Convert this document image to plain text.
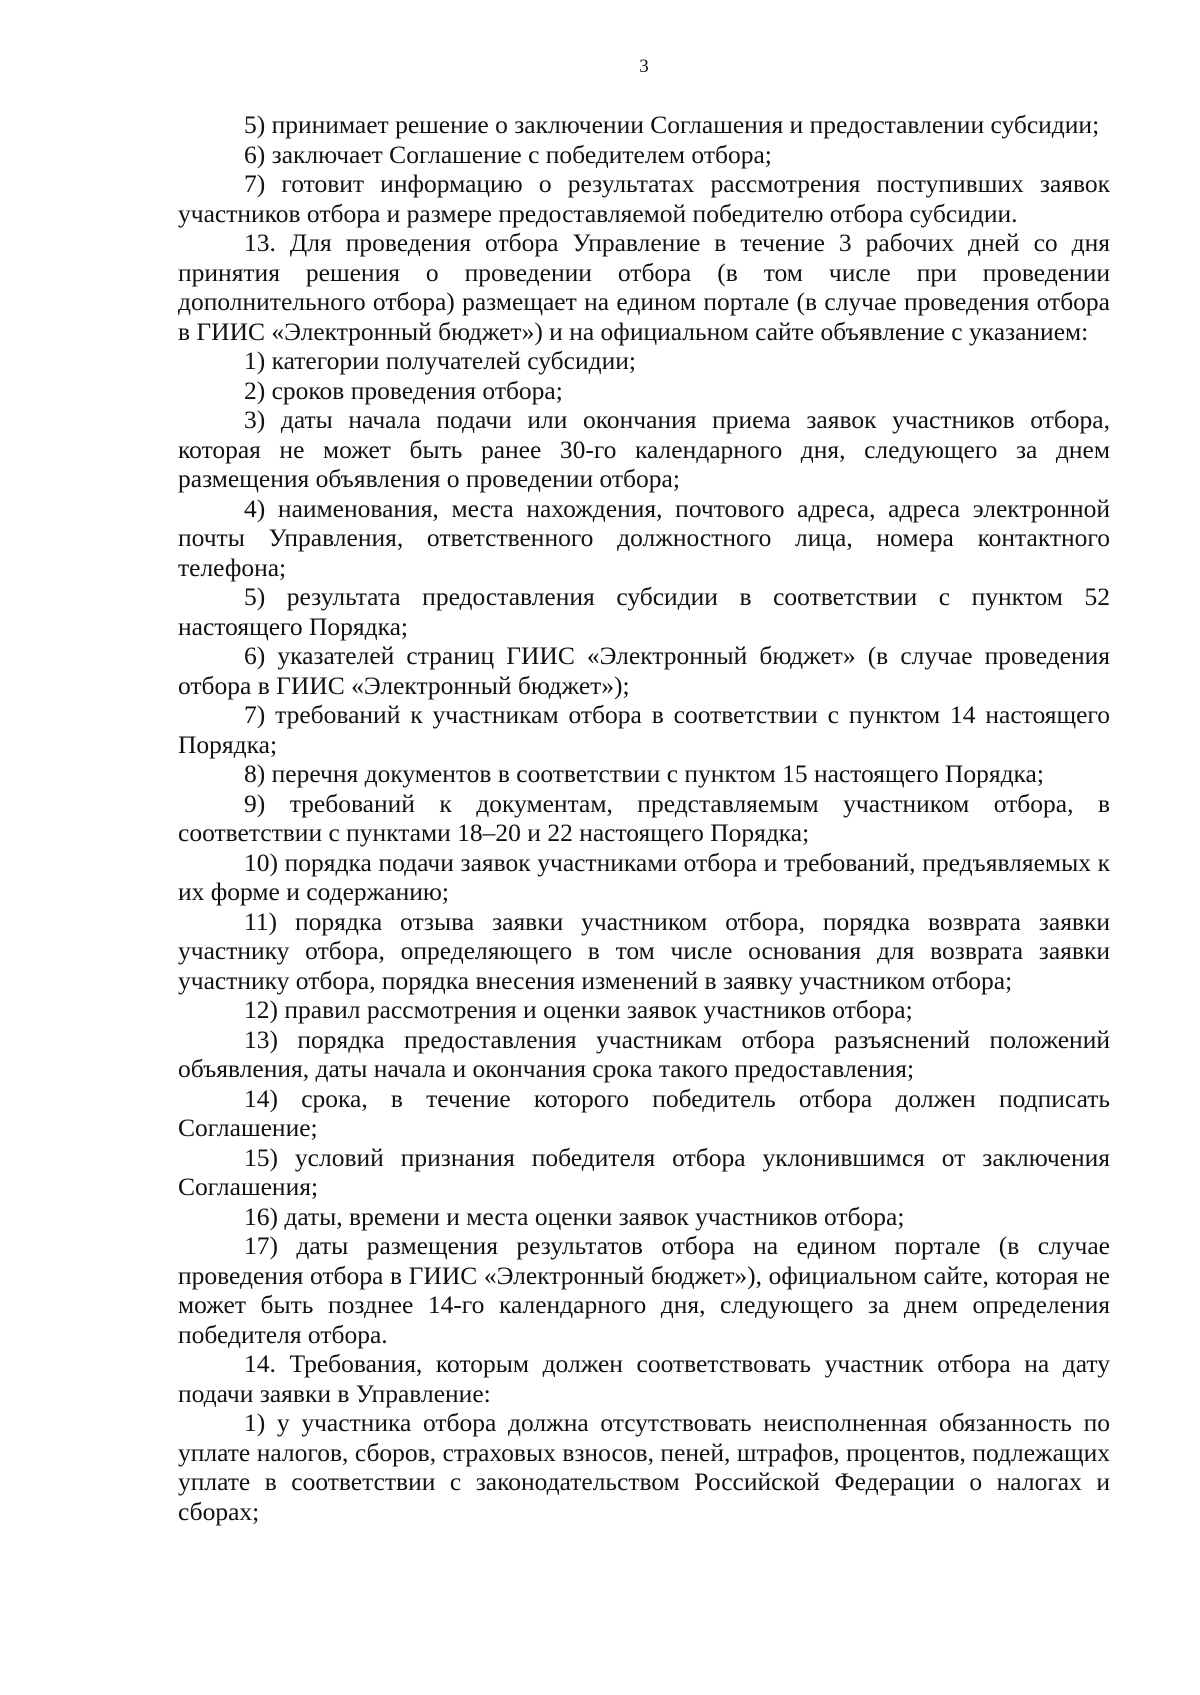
3

5) принимает решение о заключении Соглашения и предоставлении субсидии;

6) заключает Соглашение с победителем отбора;

7) готовит информацию о результатах рассмотрения поступивших заявок участников отбора и размере предоставляемой победителю отбора субсидии.

13. Для проведения отбора Управление в течение 3 рабочих дней со дня принятия решения о проведении отбора (в том числе при проведении дополнительного отбора) размещает на едином портале (в случае проведения отбора в ГИИС «Электронный бюджет») и на официальном сайте объявление с указанием:

1) категории получателей субсидии;

2) сроков проведения отбора;

3) даты начала подачи или окончания приема заявок участников отбора, которая не может быть ранее 30-го календарного дня, следующего за днем размещения объявления о проведении отбора;

4) наименования, места нахождения, почтового адреса, адреса электронной почты Управления, ответственного должностного лица, номера контактного телефона;

5) результата предоставления субсидии в соответствии с пунктом 52 настоящего Порядка;

6) указателей страниц ГИИС «Электронный бюджет» (в случае проведения отбора в ГИИС «Электронный бюджет»);

7) требований к участникам отбора в соответствии с пунктом 14 настоящего Порядка;

8) перечня документов в соответствии с пунктом 15 настоящего Порядка;

9) требований к документам, представляемым участником отбора, в соответствии с пунктами 18–20 и 22 настоящего Порядка;

10) порядка подачи заявок участниками отбора и требований, предъявляемых к их форме и содержанию;

11) порядка отзыва заявки участником отбора, порядка возврата заявки участнику отбора, определяющего в том числе основания для возврата заявки участнику отбора, порядка внесения изменений в заявку участником отбора;

12) правил рассмотрения и оценки заявок участников отбора;

13) порядка предоставления участникам отбора разъяснений положений объявления, даты начала и окончания срока такого предоставления;

14) срока, в течение которого победитель отбора должен подписать Соглашение;

15) условий признания победителя отбора уклонившимся от заключения Соглашения;

16) даты, времени и места оценки заявок участников отбора;

17) даты размещения результатов отбора на едином портале (в случае проведения отбора в ГИИС «Электронный бюджет»), официальном сайте, которая не может быть позднее 14-го календарного дня, следующего за днем определения победителя отбора.

14. Требования, которым должен соответствовать участник отбора на дату подачи заявки в Управление:

1) у участника отбора должна отсутствовать неисполненная обязанность по уплате налогов, сборов, страховых взносов, пеней, штрафов, процентов, подлежащих уплате в соответствии с законодательством Российской Федерации о налогах и сборах;
